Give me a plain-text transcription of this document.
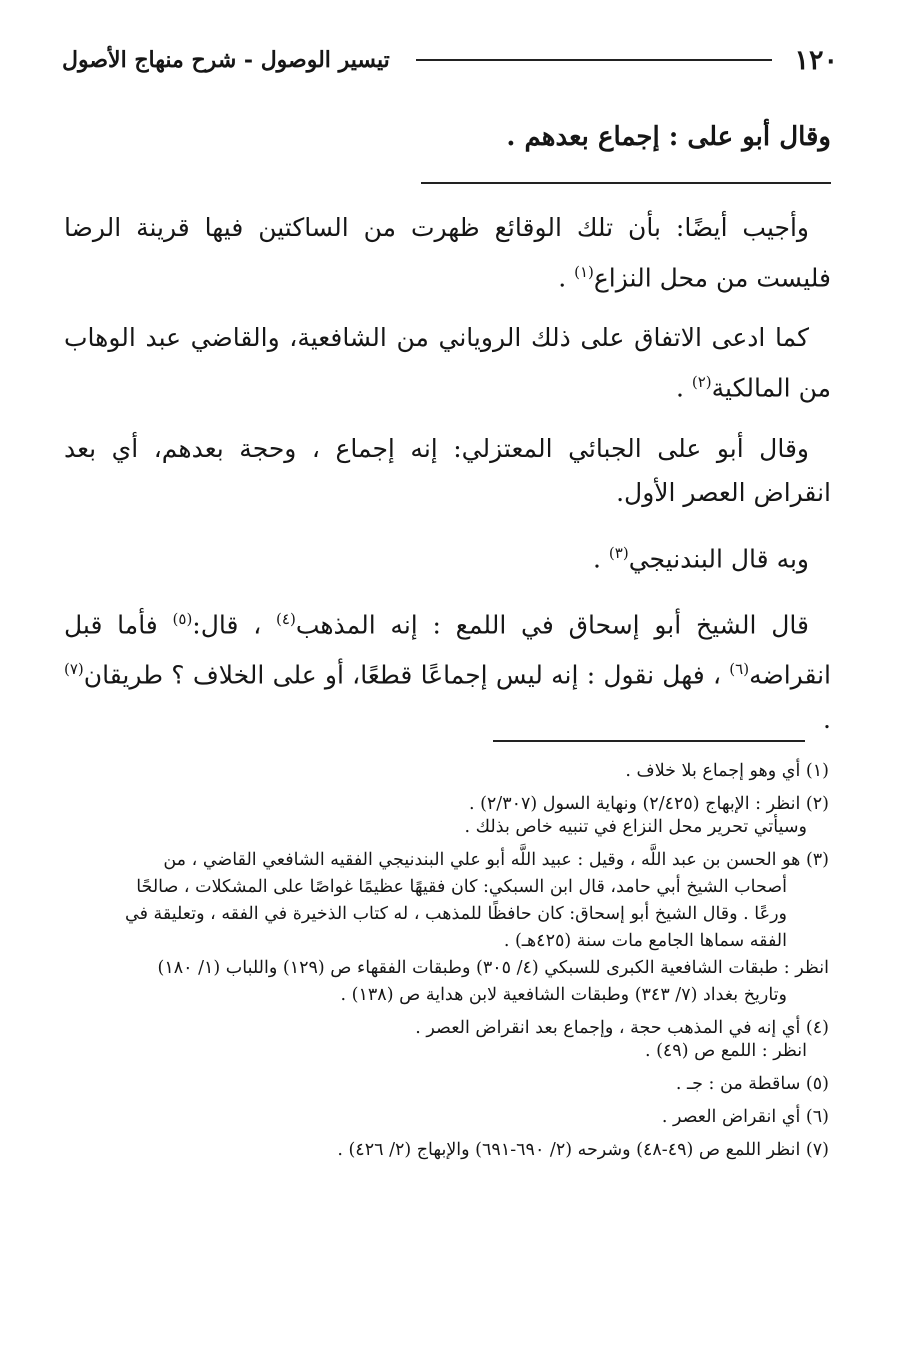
١٢٠
تيسير الوصول - شرح منهاج الأصول

وقال أبو على : إجماع بعدهم .

وأجيب أيضًا: بأن تلك الوقائع ظهرت من الساكتين فيها قرينة الرضا فليست من محل النزاع$^{(١)}$ .

كما ادعى الاتفاق على ذلك الروياني من الشافعية، والقاضي عبد الوهاب من المالكية$^{(٢)}$ .

وقال أبو على الجبائي المعتزلي: إنه إجماع ، وحجة بعدهم، أي بعد انقراض العصر الأول.

وبه قال البندنيجي$^{(٣)}$ .

قال الشيخ أبو إسحاق في اللمع : إنه المذهب$^{(٤)}$ ، قال:$^{(٥)}$ فأما قبل انقراضه$^{(٦)}$ ، فهل نقول : إنه ليس إجماعًا قطعًا، أو على الخلاف ؟ طريقان$^{(٧)}$ .

(١) أي وهو إجماع بلا خلاف .
(٢) انظر : الإبهاج (٢/٤٢٥) ونهاية السول (٢/٣٠٧) .
وسيأتي تحرير محل النزاع في تنبيه خاص بذلك .
(٣) هو الحسن بن عبد اللَّه ، وقيل : عبيد اللَّه أبو علي البندنيجي الفقيه الشافعي القاضي ، من
أصحاب الشيخ أبي حامد، قال ابن السبكي: كان فقيهًا عظيمًا غواصًا على المشكلات ، صالحًا
ورعًا . وقال الشيخ أبو إسحاق: كان حافظًا للمذهب ، له كتاب الذخيرة في الفقه ، وتعليقة في
الفقه سماها الجامع مات سنة (٤٢٥هـ) .
انظر : طبقات الشافعية الكبرى للسبكي (٤/ ٣٠٥) وطبقات الفقهاء ص (١٢٩) واللباب (١/ ١٨٠)
وتاريخ بغداد (٧/ ٣٤٣) وطبقات الشافعية لابن هداية ص (١٣٨) .
(٤) أي إنه في المذهب حجة ، وإجماع بعد انقراض العصر .
انظر : اللمع ص (٤٩) .
(٥) ساقطة من : جـ .
(٦) أي انقراض العصر .
(٧) انظر اللمع ص (٤٩-٤٨) وشرحه (٢/ ٦٩٠-٦٩١) والإبهاج (٢/ ٤٢٦) .
